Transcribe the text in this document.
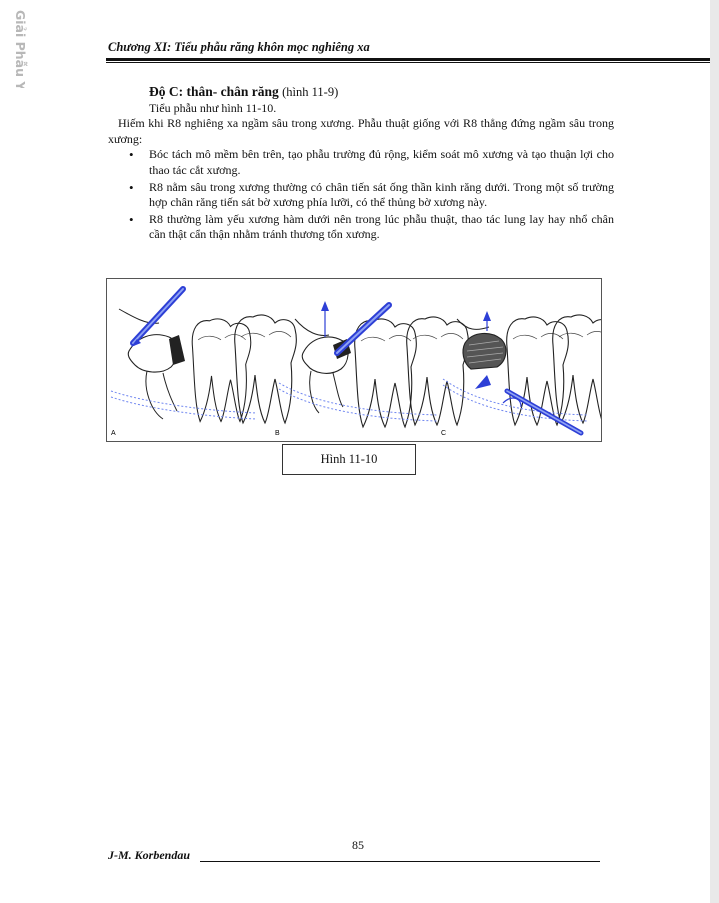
Giải Phẫu Y Khoa	Chương XI: Tiểu phẫu răng khôn mọc nghiêng xa
Độ C: thân- chân răng (hình 11-9)
Tiểu phẫu như hình 11-10.

Hiếm khi R8 nghiêng xa ngầm sâu trong xương. Phẫu thuật giống với R8 thẳng đứng ngầm sâu trong xương:

• Bóc tách mô mềm bên trên, tạo phẫu trường đủ rộng, kiểm soát mô xương và tạo thuận lợi cho thao tác cắt xương.
• R8 nằm sâu trong xương thường có chân tiến sát ống thần kinh răng dưới. Trong một số trường hợp chân răng tiến sát bờ xương phía lưỡi, có thể thủng bờ xương này.
• R8 thường làm yếu xương hàm dưới nên trong lúc phẫu thuật, thao tác lung lay hay nhổ chân cần thật cẩn thận nhằm tránh thương tổn xương.
A	B	C
Hình 11-10
85
J-M. Korbendau
